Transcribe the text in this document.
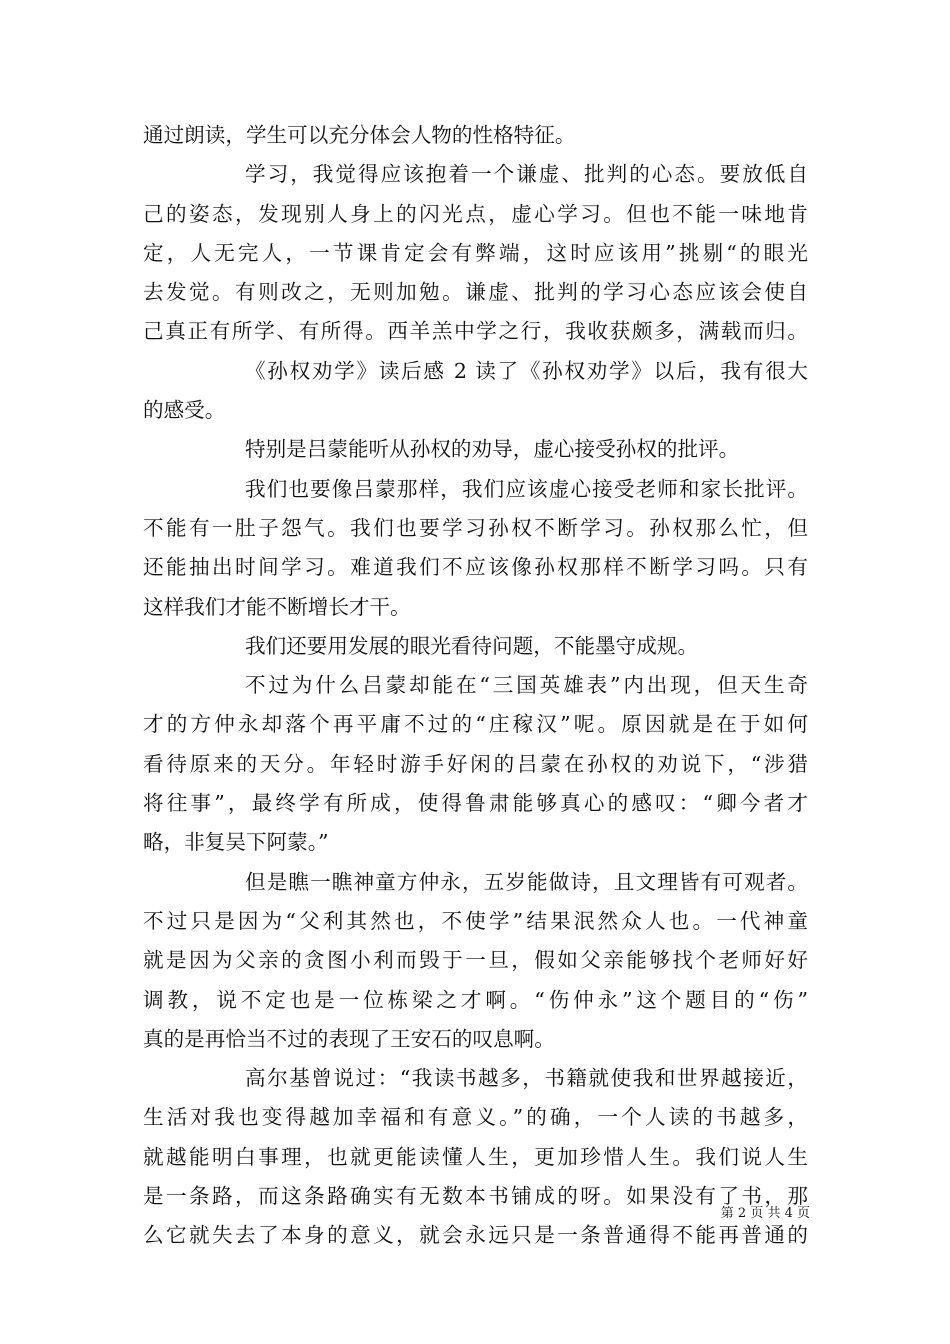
通过朗读，学生可以充分体会人物的性格特征。
学习，我觉得应该抱着一个谦虚、批判的心态。要放低自
己的姿态，发现别人身上的闪光点，虚心学习。但也不能一味地肯
定，人无完人，一节课肯定会有弊端，这时应该用”挑剔“的眼光
去发觉。有则改之，无则加勉。谦虚、批判的学习心态应该会使自
己真正有所学、有所得。西羊羔中学之行，我收获颇多，满载而归。
《孙权劝学》读后感 2 读了《孙权劝学》以后，我有很大
的感受。
特别是吕蒙能听从孙权的劝导，虚心接受孙权的批评。
我们也要像吕蒙那样，我们应该虚心接受老师和家长批评。
不能有一肚子怨气。我们也要学习孙权不断学习。孙权那么忙，但
还能抽出时间学习。难道我们不应该像孙权那样不断学习吗。只有
这样我们才能不断增长才干。
我们还要用发展的眼光看待问题，不能墨守成规。
不过为什么吕蒙却能在“三国英雄表”内出现，但天生奇
才的方仲永却落个再平庸不过的“庄稼汉”呢。原因就是在于如何
看待原来的天分。年轻时游手好闲的吕蒙在孙权的劝说下，“涉猎
将往事”，最终学有所成，使得鲁肃能够真心的感叹：“卿今者才
略，非复吴下阿蒙。”
但是瞧一瞧神童方仲永，五岁能做诗，且文理皆有可观者。
不过只是因为“父利其然也，不使学”结果泯然众人也。一代神童
就是因为父亲的贪图小利而毁于一旦，假如父亲能够找个老师好好
调教，说不定也是一位栋梁之才啊。“伤仲永”这个题目的“伤”
真的是再恰当不过的表现了王安石的叹息啊。
高尔基曾说过：“我读书越多，书籍就使我和世界越接近，
生活对我也变得越加幸福和有意义。”的确，一个人读的书越多，
就越能明白事理，也就更能读懂人生，更加珍惜人生。我们说人生
是一条路，而这条路确实有无数本书铺成的呀。如果没有了书，那
么它就失去了本身的意义，就会永远只是一条普通得不能再普通的
第 2 页 共 4 页
